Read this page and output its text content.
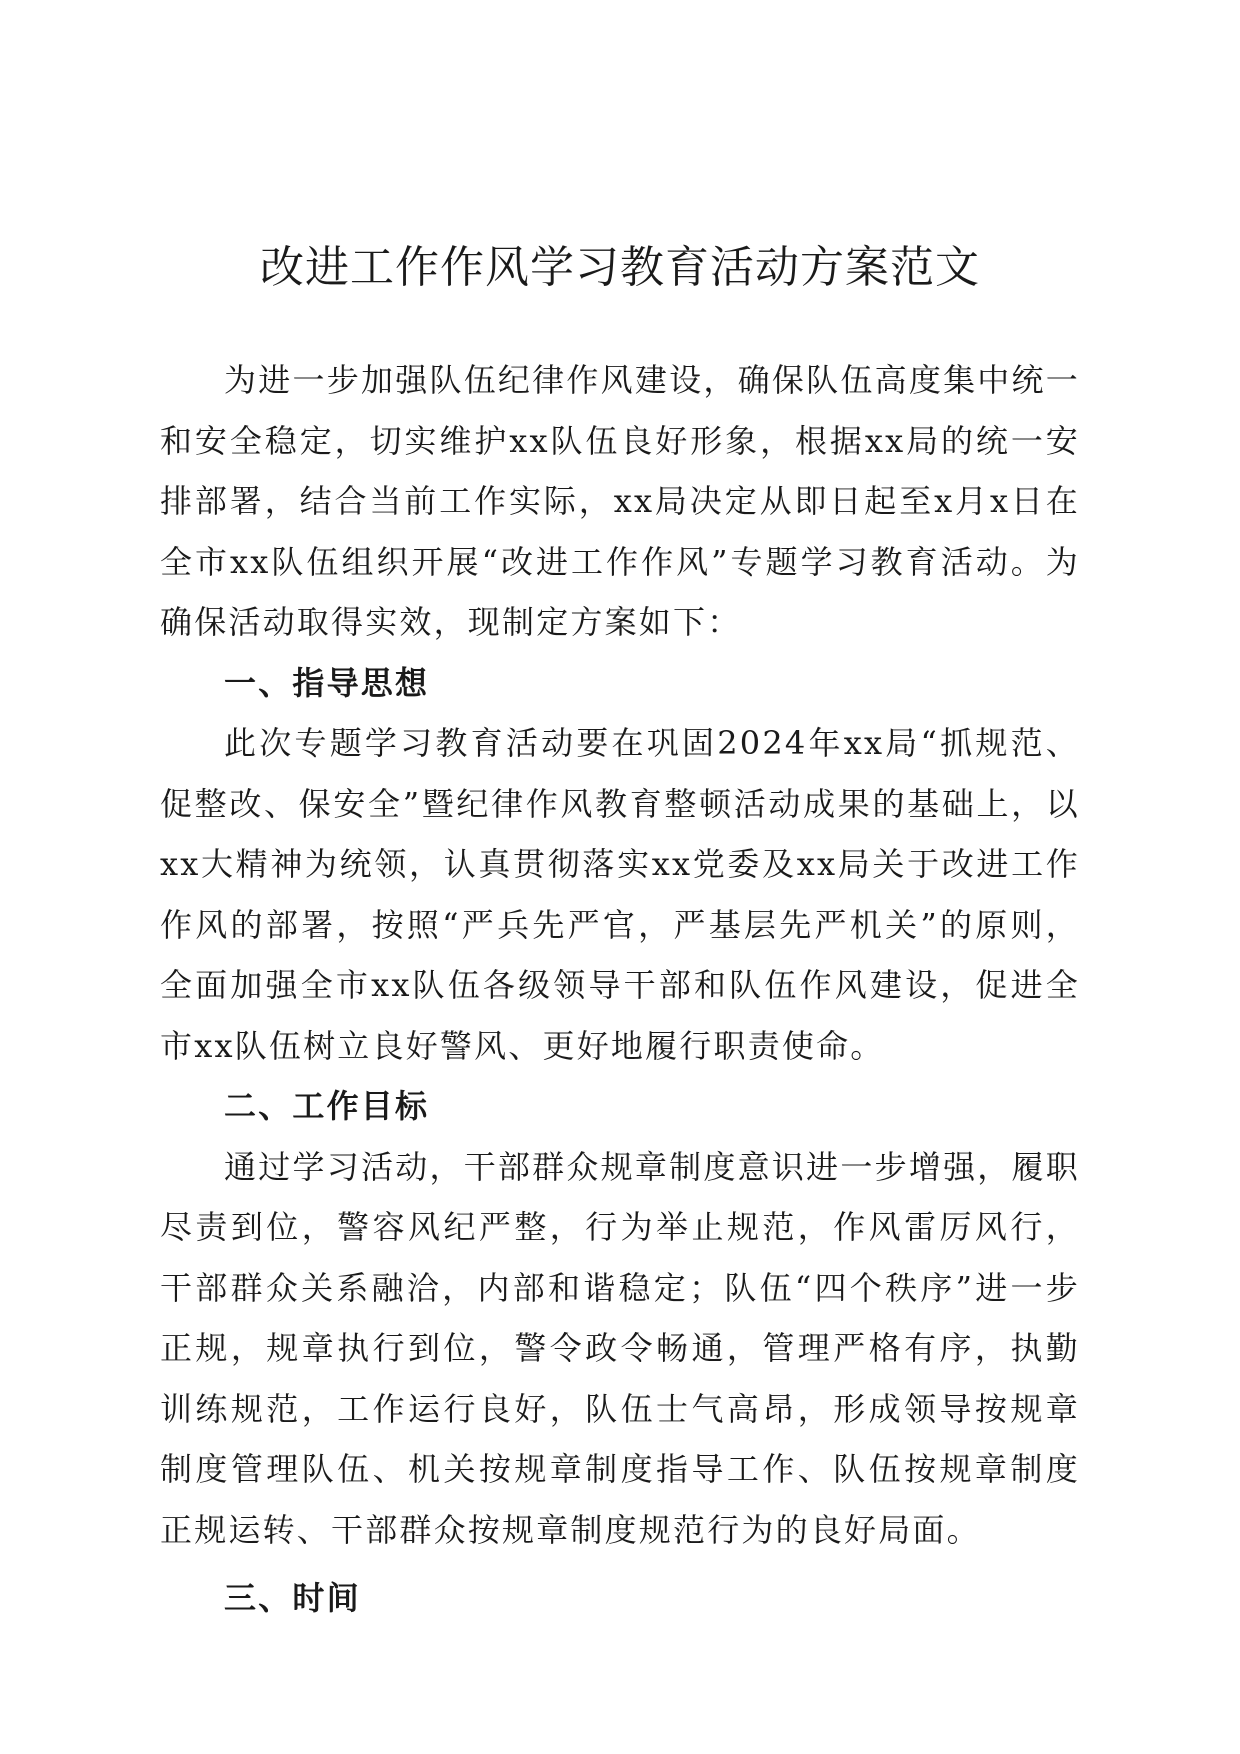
改进工作作风学习教育活动方案范文

为进一步加强队伍纪律作风建设，确保队伍高度集中统一和安全稳定，切实维护xx队伍良好形象，根据xx局的统一安排部署，结合当前工作实际，xx局决定从即日起至x月x日在全市xx队伍组织开展“改进工作作风”专题学习教育活动。为确保活动取得实效，现制定方案如下：

一、指导思想

此次专题学习教育活动要在巩固2024年xx局“抓规范、促整改、保安全”暨纪律作风教育整顿活动成果的基础上，以xx大精神为统领，认真贯彻落实xx党委及xx局关于改进工作作风的部署，按照“严兵先严官，严基层先严机关”的原则，全面加强全市xx队伍各级领导干部和队伍作风建设，促进全市xx队伍树立良好警风、更好地履行职责使命。

二、工作目标

通过学习活动，干部群众规章制度意识进一步增强，履职尽责到位，警容风纪严整，行为举止规范，作风雷厉风行，干部群众关系融洽，内部和谐稳定；队伍“四个秩序”进一步正规，规章执行到位，警令政令畅通，管理严格有序，执勤训练规范，工作运行良好，队伍士气高昂，形成领导按规章制度管理队伍、机关按规章制度指导工作、队伍按规章制度正规运转、干部群众按规章制度规范行为的良好局面。

三、时间
